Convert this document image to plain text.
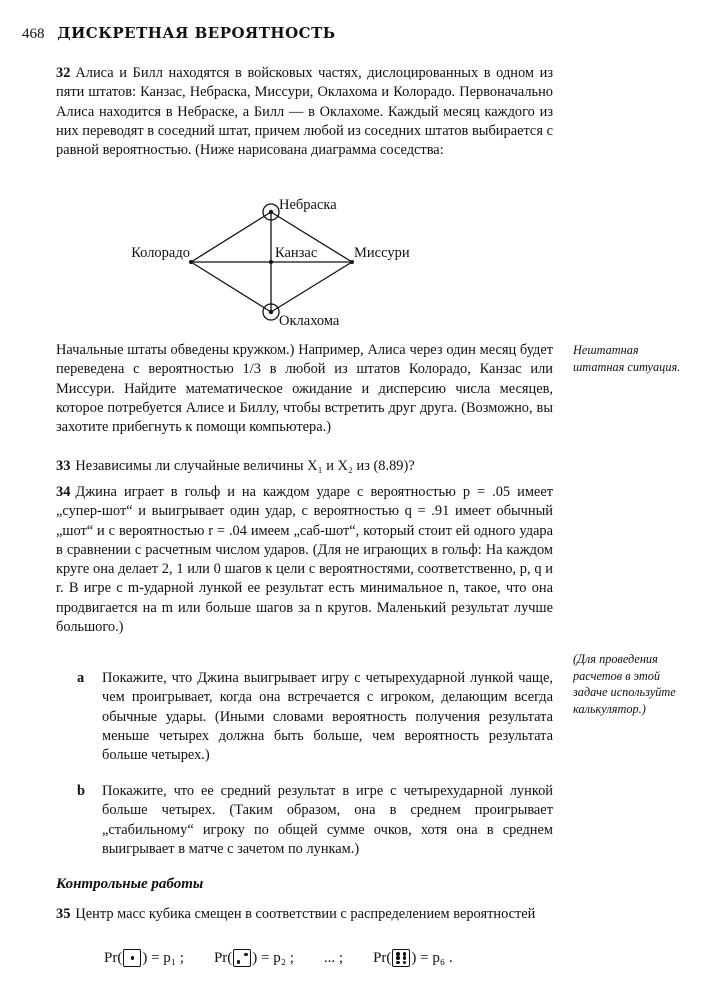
468 ДИСКРЕТНАЯ ВЕРОЯТНОСТЬ

32 Алиса и Билл находятся в войсковых частях, дислоцированных в одном из пяти штатов: Канзас, Небраска, Миссури, Оклахома и Колорадо. Первоначально Алиса находится в Небраске, а Билл — в Оклахоме. Каждый месяц каждого из них переводят в соседний штат, причем любой из соседних штатов выбирается с равной вероятностью. (Ниже нарисована диаграмма соседства:

Небраска
Колорадо	Канзас	Миссури
Оклахома

Начальные штаты обведены кружком.) Например, Алиса через один месяц будет переведена с вероятностью 1/3 в любой из штатов Колорадо, Канзас или Миссури. Найдите математическое ожидание и дисперсию числа месяцев, которое потребуется Алисе и Биллу, чтобы встретить друг друга. (Возможно, вы захотите прибегнуть к помощи компьютера.)

Нештатная штатная ситуация.

33 Независимы ли случайные величины X₁ и X₂ из (8.89)?

34 Джина играет в гольф и на каждом ударе с вероятностью p = .05 имеет „супер-шот“ и выигрывает один удар, с вероятностью q = .91 имеет обычный „шот“ и с вероятностью r = .04 имеем „саб-шот“, который стоит ей одного удара в сравнении с расчетным числом ударов. (Для не играющих в гольф: На каждом круге она делает 2, 1 или 0 шагов к цели с вероятностями, соответственно, p, q и r. В игре с m-ударной лункой ее результат есть минимальное n, такое, что она продвигается на m или больше шагов за n кругов. Маленький результат лучше большого.)

a	Покажите, что Джина выигрывает игру с четырехударной лункой чаще, чем проигрывает, когда она встречается с игроком, делающим всегда обычные удары. (Иными словами вероятность получения результата меньше четырех должна быть больше, чем вероятность результата больше четырех.)
b	Покажите, что ее средний результат в игре с четырехударной лункой больше четырех. (Таким образом, она в среднем проигрывает „стабильному“ игроку по общей сумме очков, хотя она в среднем выигрывает в матче с зачетом по лункам.)
(Для проведения расчетов в этой задаче используйте калькулятор.)
Контрольные работы

35 Центр масс кубика смещен в соответствии с распределением вероятностей

Pr( ) = p₁ ; Pr( ) = p₂ ; ... ; Pr( ) = p₆ .
